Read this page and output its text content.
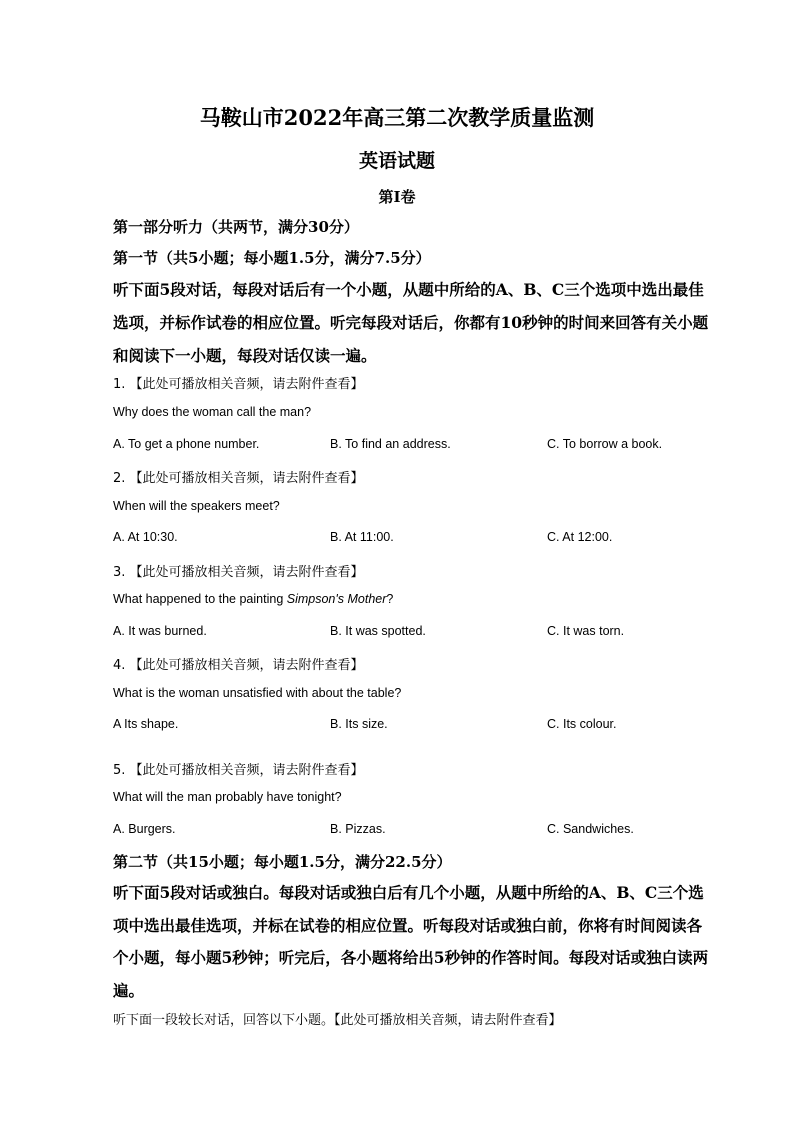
马鞍山市2022年高三第二次教学质量监测
英语试题
第I卷
第一部分听力（共两节，满分30分）
第一节（共5小题；每小题1.5分，满分7.5分）
听下面5段对话，每段对话后有一个小题，从题中所给的A、B、C三个选项中选出最佳选项，并标作试卷的相应位置。听完每段对话后，你都有10秒钟的时间来回答有关小题和阅读下一小题，每段对话仅读一遍。
1. 【此处可播放相关音频，请去附件查看】
Why does the woman call the man?
A. To get a phone number.	B. To find an address.	C. To borrow a book.
2. 【此处可播放相关音频，请去附件查看】
When will the speakers meet?
A. At 10:30.	B. At 11:00.	C. At 12:00.
3. 【此处可播放相关音频，请去附件查看】
What happened to the painting Simpson's Mother?
A. It was burned.	B. It was spotted.	C. It was torn.
4. 【此处可播放相关音频，请去附件查看】
What is the woman unsatisfied with about the table?
A Its shape.	B. Its size.	C. Its colour.
5. 【此处可播放相关音频，请去附件查看】
What will the man probably have tonight?
A. Burgers.	B. Pizzas.	C. Sandwiches.
第二节（共15小题；每小题1.5分，满分22.5分）
听下面5段对话或独白。每段对话或独白后有几个小题，从题中所给的A、B、C三个选项中选出最佳选项，并标在试卷的相应位置。听每段对话或独白前，你将有时间阅读各个小题，每小题5秒钟；听完后，各小题将给出5秒钟的作答时间。每段对话或独白读两遍。
听下面一段较长对话，回答以下小题。【此处可播放相关音频，请去附件查看】
